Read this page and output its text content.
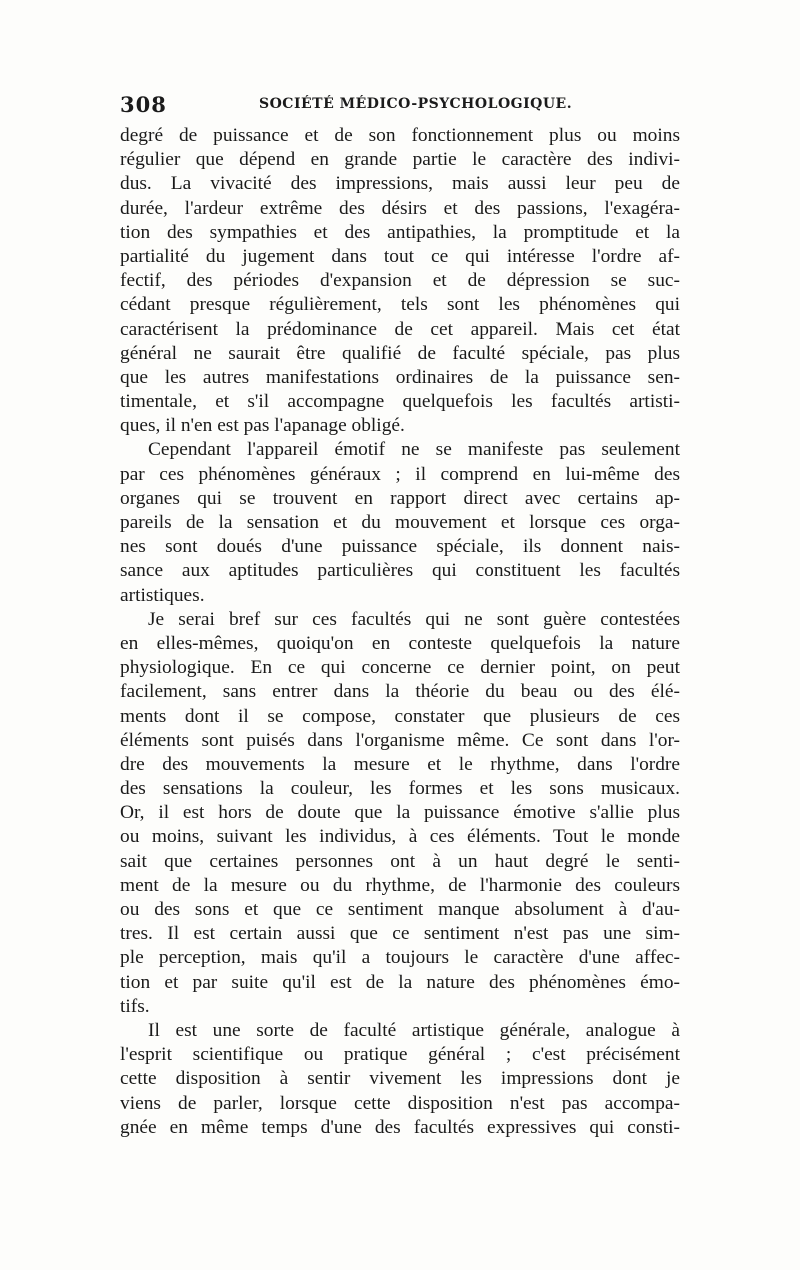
308	SOCIÉTÉ MÉDICO-PSYCHOLOGIQUE.
degré de puissance et de son fonctionnement plus ou moins
régulier que dépend en grande partie le caractère des indivi-
dus. La vivacité des impressions, mais aussi leur peu de
durée, l'ardeur extrême des désirs et des passions, l'exagéra-
tion des sympathies et des antipathies, la promptitude et la
partialité du jugement dans tout ce qui intéresse l'ordre af-
fectif, des périodes d'expansion et de dépression se suc-
cédant presque régulièrement, tels sont les phénomènes qui
caractérisent la prédominance de cet appareil. Mais cet état
général ne saurait être qualifié de faculté spéciale, pas plus
que les autres manifestations ordinaires de la puissance sen-
timentale, et s'il accompagne quelquefois les facultés artisti-
ques, il n'en est pas l'apanage obligé.
Cependant l'appareil émotif ne se manifeste pas seulement
par ces phénomènes généraux ; il comprend en lui-même des
organes qui se trouvent en rapport direct avec certains ap-
pareils de la sensation et du mouvement et lorsque ces orga-
nes sont doués d'une puissance spéciale, ils donnent nais-
sance aux aptitudes particulières qui constituent les facultés
artistiques.
Je serai bref sur ces facultés qui ne sont guère contestées
en elles-mêmes, quoiqu'on en conteste quelquefois la nature
physiologique. En ce qui concerne ce dernier point, on peut
facilement, sans entrer dans la théorie du beau ou des élé-
ments dont il se compose, constater que plusieurs de ces
éléments sont puisés dans l'organisme même. Ce sont dans l'or-
dre des mouvements la mesure et le rhythme, dans l'ordre
des sensations la couleur, les formes et les sons musicaux.
Or, il est hors de doute que la puissance émotive s'allie plus
ou moins, suivant les individus, à ces éléments. Tout le monde
sait que certaines personnes ont à un haut degré le senti-
ment de la mesure ou du rhythme, de l'harmonie des couleurs
ou des sons et que ce sentiment manque absolument à d'au-
tres. Il est certain aussi que ce sentiment n'est pas une sim-
ple perception, mais qu'il a toujours le caractère d'une affec-
tion et par suite qu'il est de la nature des phénomènes émo-
tifs.
Il est une sorte de faculté artistique générale, analogue à
l'esprit scientifique ou pratique général ; c'est précisément
cette disposition à sentir vivement les impressions dont je
viens de parler, lorsque cette disposition n'est pas accompa-
gnée en même temps d'une des facultés expressives qui consti-
